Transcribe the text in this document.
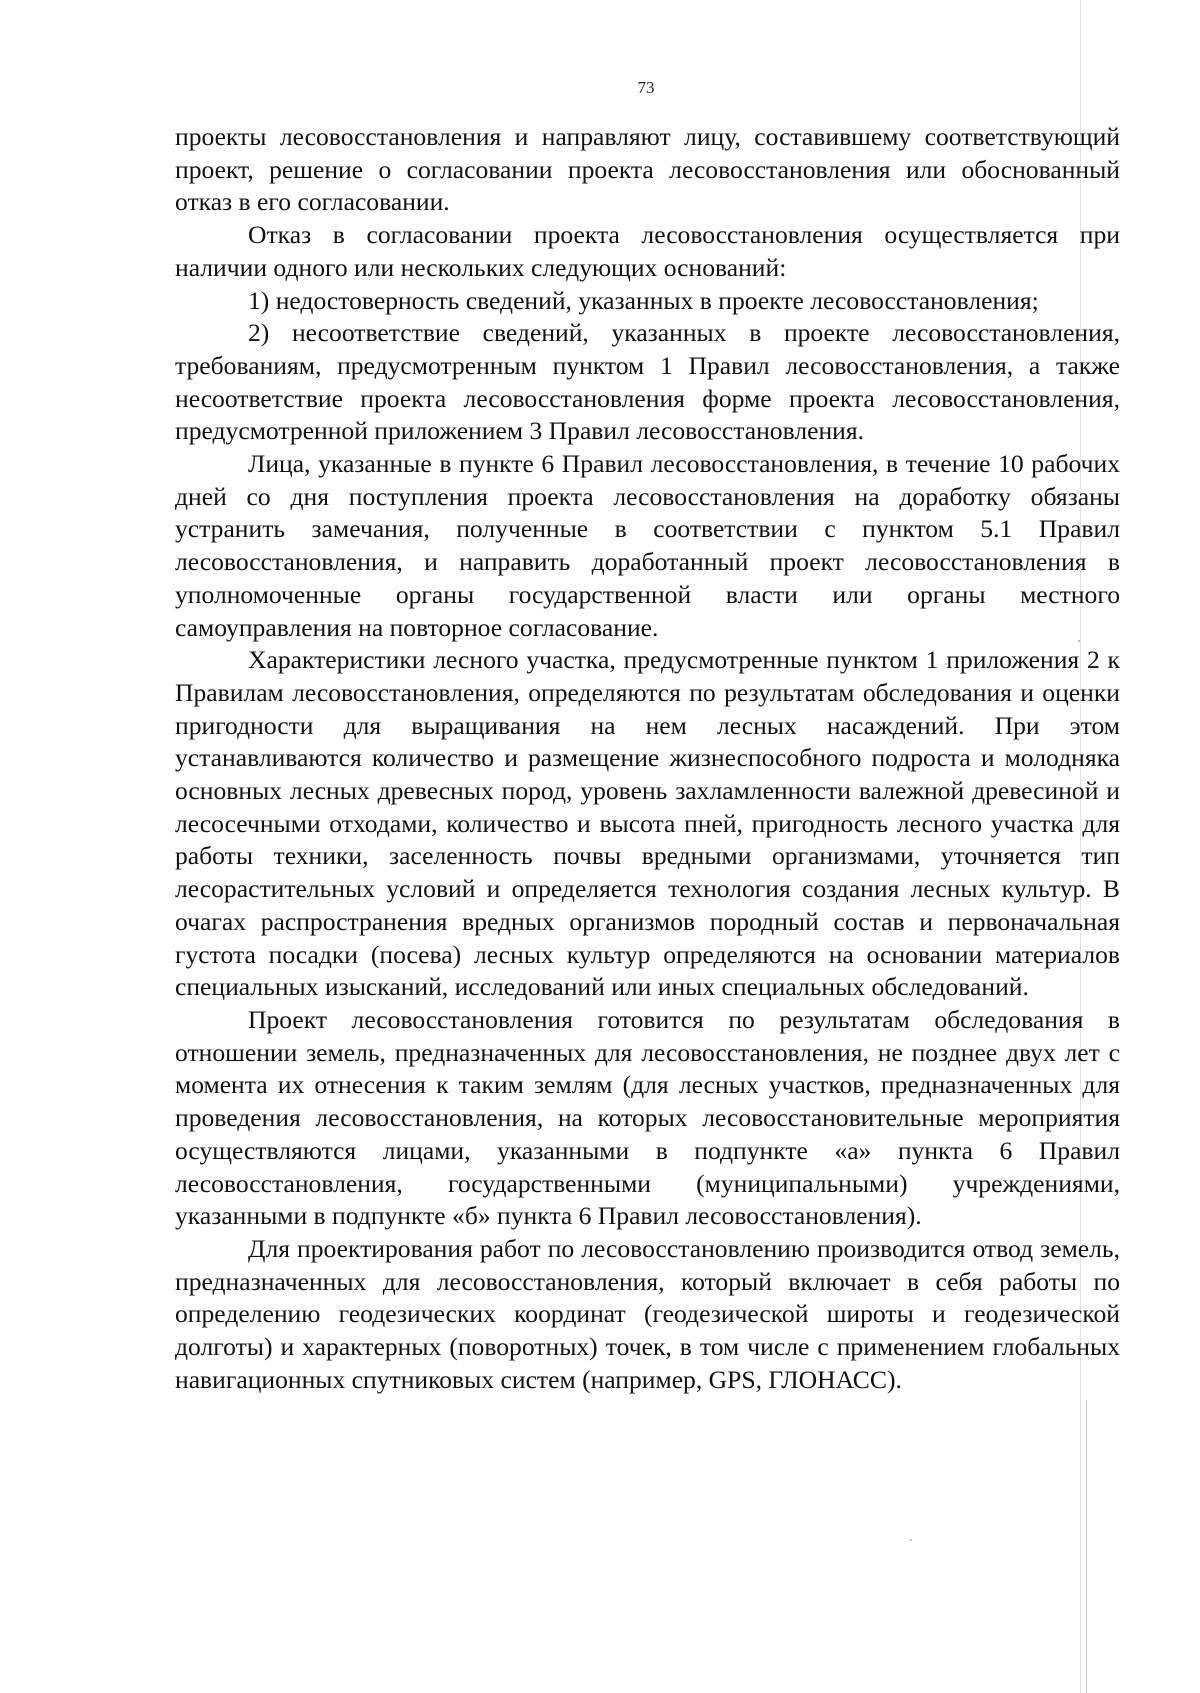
73

проекты лесовосстановления и направляют лицу, составившему соответствующий проект, решение о согласовании проекта лесовосстановления или обоснованный отказ в его согласовании.

Отказ в согласовании проекта лесовосстановления осуществляется при наличии одного или нескольких следующих оснований:

1) недостоверность сведений, указанных в проекте лесовосстановления;

2) несоответствие сведений, указанных в проекте лесовосстановления, требованиям, предусмотренным пунктом 1 Правил лесовосстановления, а также несоответствие проекта лесовосстановления форме проекта лесовосстановления, предусмотренной приложением 3 Правил лесовосстановления.

Лица, указанные в пункте 6 Правил лесовосстановления, в течение 10 рабочих дней со дня поступления проекта лесовосстановления на доработку обязаны устранить замечания, полученные в соответствии с пунктом 5.1 Правил лесовосстановления, и направить доработанный проект лесовосстановления в уполномоченные органы государственной власти или органы местного самоуправления на повторное согласование.

Характеристики лесного участка, предусмотренные пунктом 1 приложения 2 к Правилам лесовосстановления, определяются по результатам обследования и оценки пригодности для выращивания на нем лесных насаждений. При этом устанавливаются количество и размещение жизнеспособного подроста и молодняка основных лесных древесных пород, уровень захламленности валежной древесиной и лесосечными отходами, количество и высота пней, пригодность лесного участка для работы техники, заселенность почвы вредными организмами, уточняется тип лесорастительных условий и определяется технология создания лесных культур. В очагах распространения вредных организмов породный состав и первоначальная густота посадки (посева) лесных культур определяются на основании материалов специальных изысканий, исследований или иных специальных обследований.

Проект лесовосстановления готовится по результатам обследования в отношении земель, предназначенных для лесовосстановления, не позднее двух лет с момента их отнесения к таким землям (для лесных участков, предназначенных для проведения лесовосстановления, на которых лесовосстановительные мероприятия осуществляются лицами, указанными в подпункте «а» пункта 6 Правил лесовосстановления, государственными (муниципальными) учреждениями, указанными в подпункте «б» пункта 6 Правил лесовосстановления).

Для проектирования работ по лесовосстановлению производится отвод земель, предназначенных для лесовосстановления, который включает в себя работы по определению геодезических координат (геодезической широты и геодезической долготы) и характерных (поворотных) точек, в том числе с применением глобальных навигационных спутниковых систем (например, GPS, ГЛОНАСС).
